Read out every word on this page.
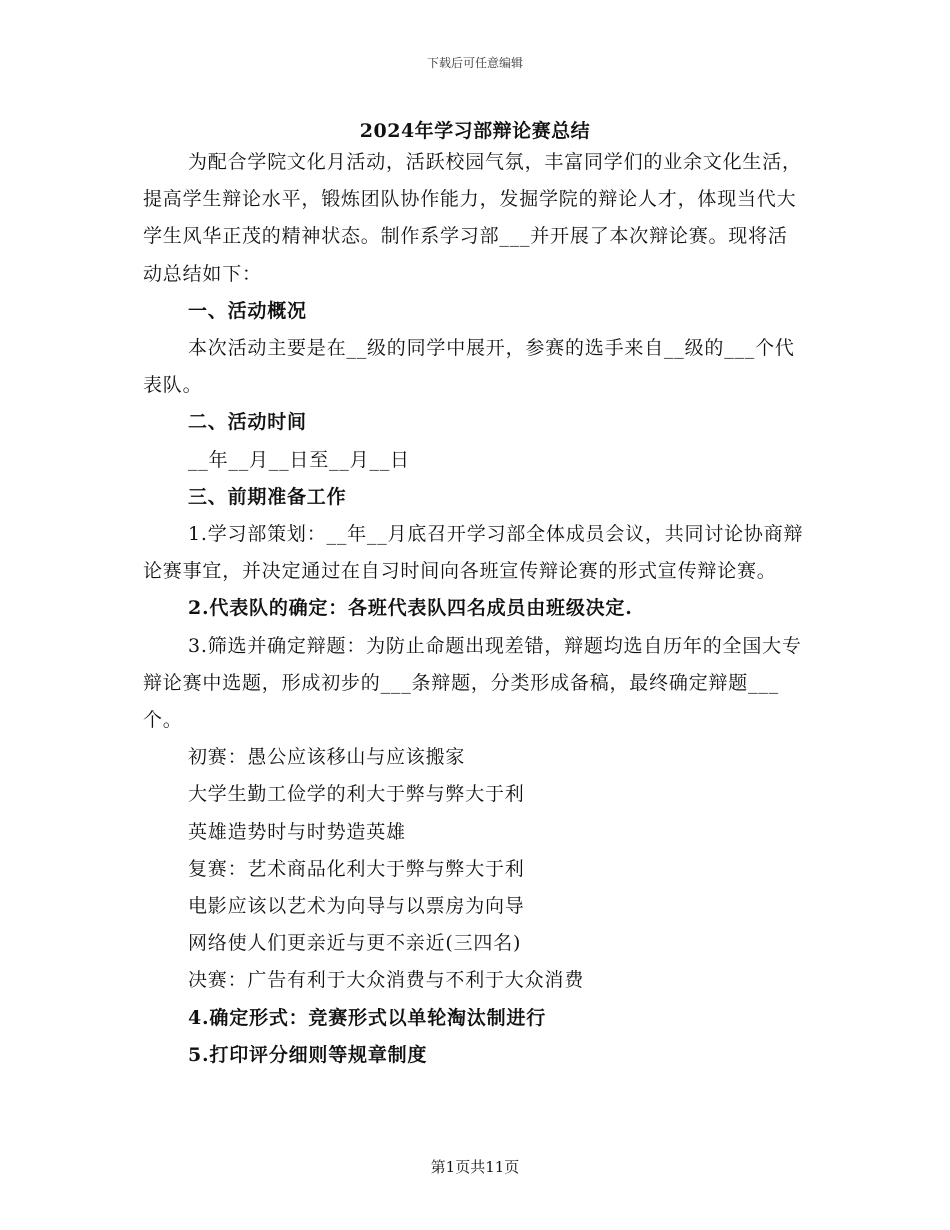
下载后可任意编辑
2024年学习部辩论赛总结

为配合学院文化月活动，活跃校园气氛，丰富同学们的业余文化生活，提高学生辩论水平，锻炼团队协作能力，发掘学院的辩论人才，体现当代大学生风华正茂的精神状态。制作系学习部___并开展了本次辩论赛。现将活动总结如下：

一、活动概况

本次活动主要是在__级的同学中展开，参赛的选手来自__级的___个代表队。

二、活动时间

__年__月__日至__月__日

三、前期准备工作

1.学习部策划：__年__月底召开学习部全体成员会议，共同讨论协商辩论赛事宜，并决定通过在自习时间向各班宣传辩论赛的形式宣传辩论赛。

2.代表队的确定：各班代表队四名成员由班级决定.

3.筛选并确定辩题：为防止命题出现差错，辩题均选自历年的全国大专辩论赛中选题，形成初步的___条辩题，分类形成备稿，最终确定辩题___个。

初赛：愚公应该移山与应该搬家

大学生勤工俭学的利大于弊与弊大于利

英雄造势时与时势造英雄

复赛：艺术商品化利大于弊与弊大于利

电影应该以艺术为向导与以票房为向导

网络使人们更亲近与更不亲近(三四名)

决赛：广告有利于大众消费与不利于大众消费

4.确定形式：竞赛形式以单轮淘汰制进行

5.打印评分细则等规章制度

第1页共11页
